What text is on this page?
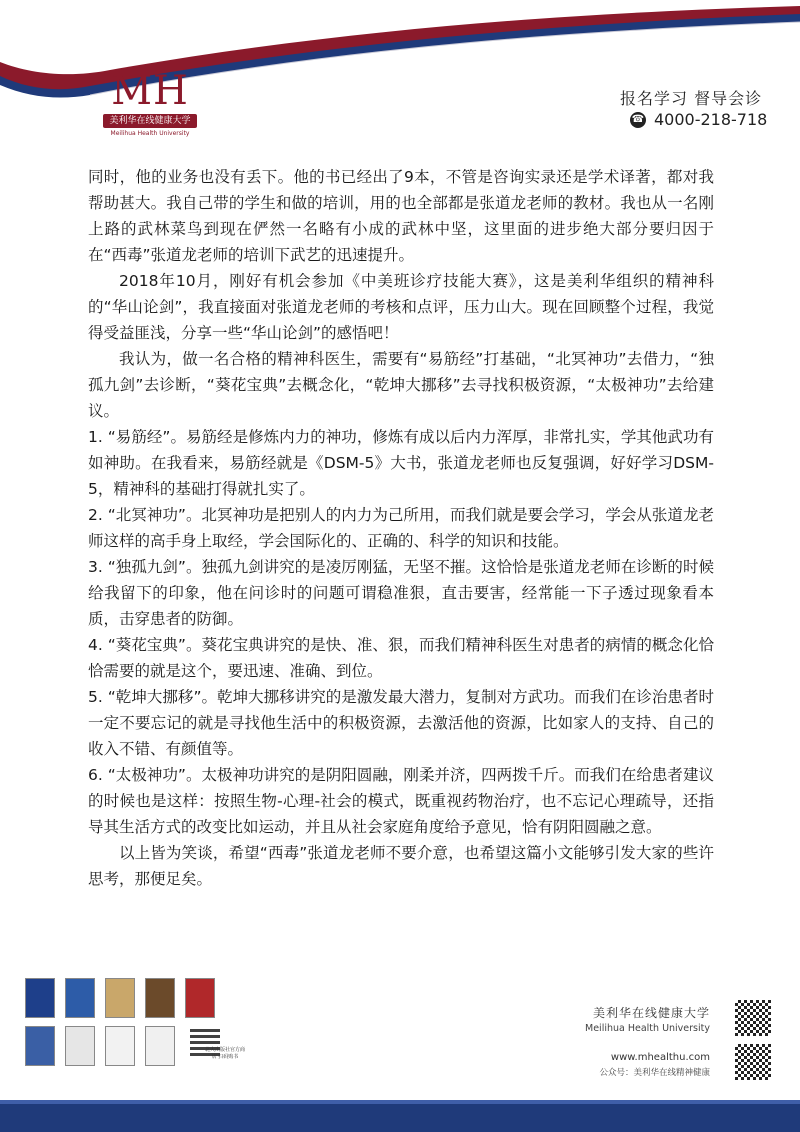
MH
美利华在线健康大学
Meilihua Health University
报名学习 督导会诊
☎ 4000-218-718

同时，他的业务也没有丢下。他的书已经出了9本，不管是咨询实录还是学术译著，都对我帮助甚大。我自己带的学生和做的培训，用的也全部都是张道龙老师的教材。我也从一名刚上路的武林菜鸟到现在俨然一名略有小成的武林中坚，这里面的进步绝大部分要归因于在“西毒”张道龙老师的培训下武艺的迅速提升。

2018年10月，刚好有机会参加《中美班诊疗技能大赛》，这是美利华组织的精神科的“华山论剑”，我直接面对张道龙老师的考核和点评，压力山大。现在回顾整个过程，我觉得受益匪浅，分享一些“华山论剑”的感悟吧！

我认为，做一名合格的精神科医生，需要有“易筋经”打基础，“北冥神功”去借力，“独孤九剑”去诊断，“葵花宝典”去概念化，“乾坤大挪移”去寻找积极资源，“太极神功”去给建议。

1. “易筋经”。易筋经是修炼内力的神功，修炼有成以后内力浑厚，非常扎实，学其他武功有如神助。在我看来，易筋经就是《DSM-5》大书，张道龙老师也反复强调，好好学习DSM-5，精神科的基础打得就扎实了。

2. “北冥神功”。北冥神功是把别人的内力为己所用，而我们就是要会学习，学会从张道龙老师这样的高手身上取经，学会国际化的、正确的、科学的知识和技能。

3. “独孤九剑”。独孤九剑讲究的是凌厉刚猛，无坚不摧。这恰恰是张道龙老师在诊断的时候给我留下的印象，他在问诊时的问题可谓稳准狠，直击要害，经常能一下子透过现象看本质，击穿患者的防御。

4. “葵花宝典”。葵花宝典讲究的是快、准、狠，而我们精神科医生对患者的病情的概念化恰恰需要的就是这个，要迅速、准确、到位。

5. “乾坤大挪移”。乾坤大挪移讲究的是激发最大潜力，复制对方武功。而我们在诊治患者时一定不要忘记的就是寻找他生活中的积极资源，去激活他的资源，比如家人的支持、自己的收入不错、有颜值等。

6. “太极神功”。太极神功讲究的是阴阳圆融，刚柔并济，四两拨千斤。而我们在给患者建议的时候也是这样：按照生物-心理-社会的模式，既重视药物治疗，也不忘记心理疏导，还指导其生活方式的改变比如运动，并且从社会家庭角度给予意见，恰有阴阳圆融之意。

以上皆为笑谈，希望“西毒”张道龙老师不要介意，也希望这篇小文能够引发大家的些许思考，那便足矣。

北大出版社官方商店 扫码购书
美利华在线健康大学
Meilihua Health University
www.mhealthu.com
公众号：美利华在线精神健康
